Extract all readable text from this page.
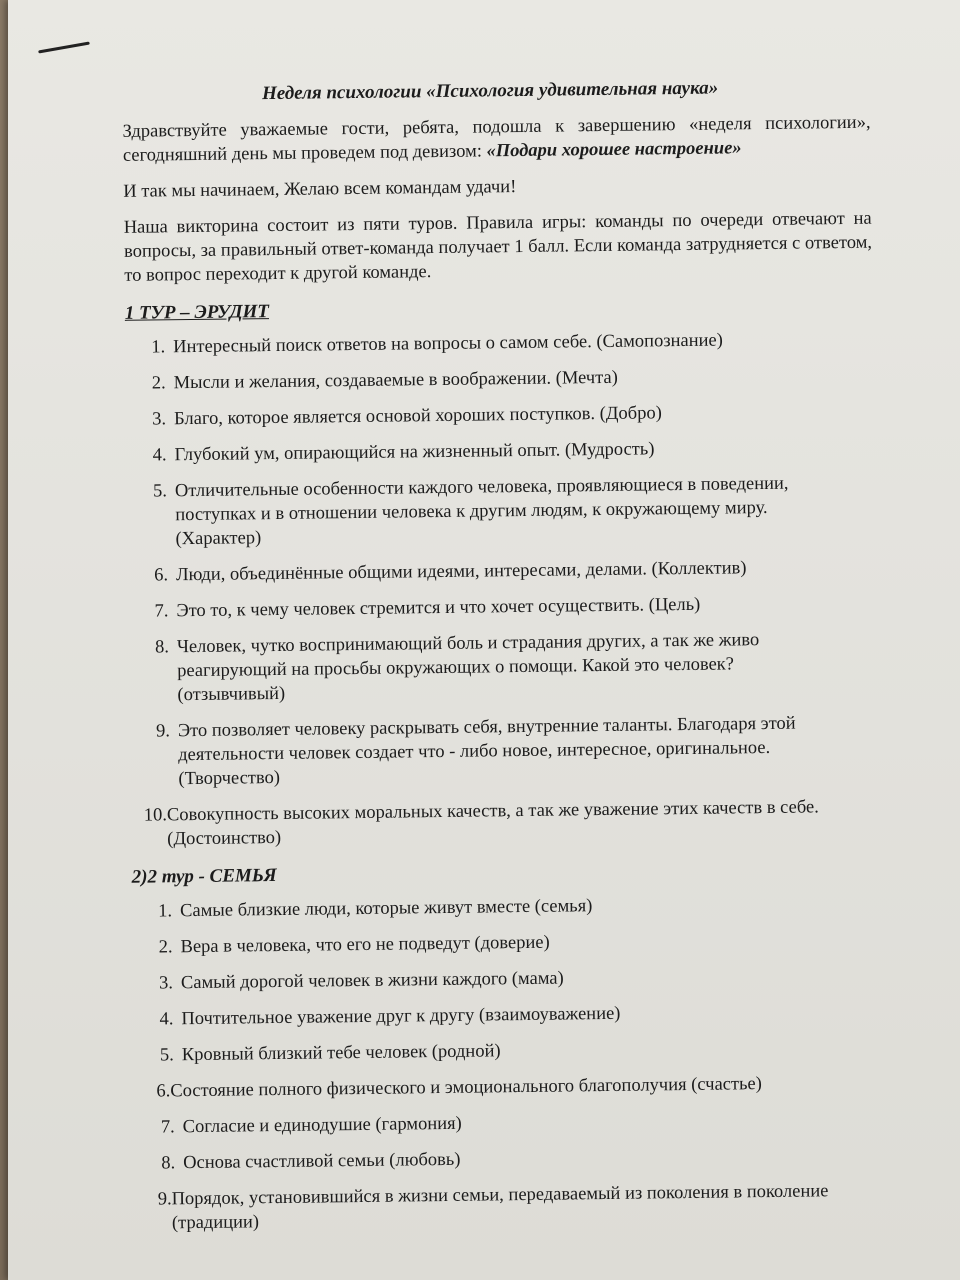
Неделя психологии «Психология удивительная наука»

Здравствуйте уважаемые гости, ребята, подошла к завершению «неделя психологии», сегодняшний день мы проведем под девизом: «Подари хорошее настроение»

И так мы начинаем, Желаю всем командам удачи!

Наша викторина состоит из пяти туров. Правила игры: команды по очереди отвечают на вопросы, за правильный ответ-команда получает 1 балл. Если команда затрудняется с ответом, то вопрос переходит к другой команде.

1 ТУР – ЭРУДИТ
1. Интересный поиск ответов на вопросы о самом себе. (Самопознание)
2. Мысли и желания, создаваемые в воображении. (Мечта)
3. Благо, которое является основой хороших поступков. (Добро)
4. Глубокий ум, опирающийся на жизненный опыт. (Мудрость)
5. Отличительные особенности каждого человека, проявляющиеся в поведении, поступках и в отношении человека к другим людям, к окружающему миру. (Характер)
6. Люди, объединённые общими идеями, интересами, делами. (Коллектив)
7. Это то, к чему человек стремится и что хочет осуществить. (Цель)
8. Человек, чутко воспринимающий боль и страдания других, а так же живо реагирующий на просьбы окружающих о помощи. Какой это человек? (отзывчивый)
9. Это позволяет человеку раскрывать себя, внутренние таланты. Благодаря этой деятельности человек создает что - либо новое, интересное, оригинальное. (Творчество)
10. Совокупность высоких моральных качеств, а так же уважение этих качеств в себе. (Достоинство)
2)2 тур - СЕМЬЯ
1. Самые близкие люди, которые живут вместе (семья)
2. Вера в человека, что его не подведут (доверие)
3. Самый дорогой человек в жизни каждого (мама)
4. Почтительное уважение друг к другу (взаимоуважение)
5. Кровный близкий тебе человек (родной)
6. Состояние полного физического и эмоционального благополучия (счастье)
7. Согласие и единодушие (гармония)
8. Основа счастливой семьи (любовь)
9. Порядок, установившийся в жизни семьи, передаваемый из поколения в поколение (традиции)
